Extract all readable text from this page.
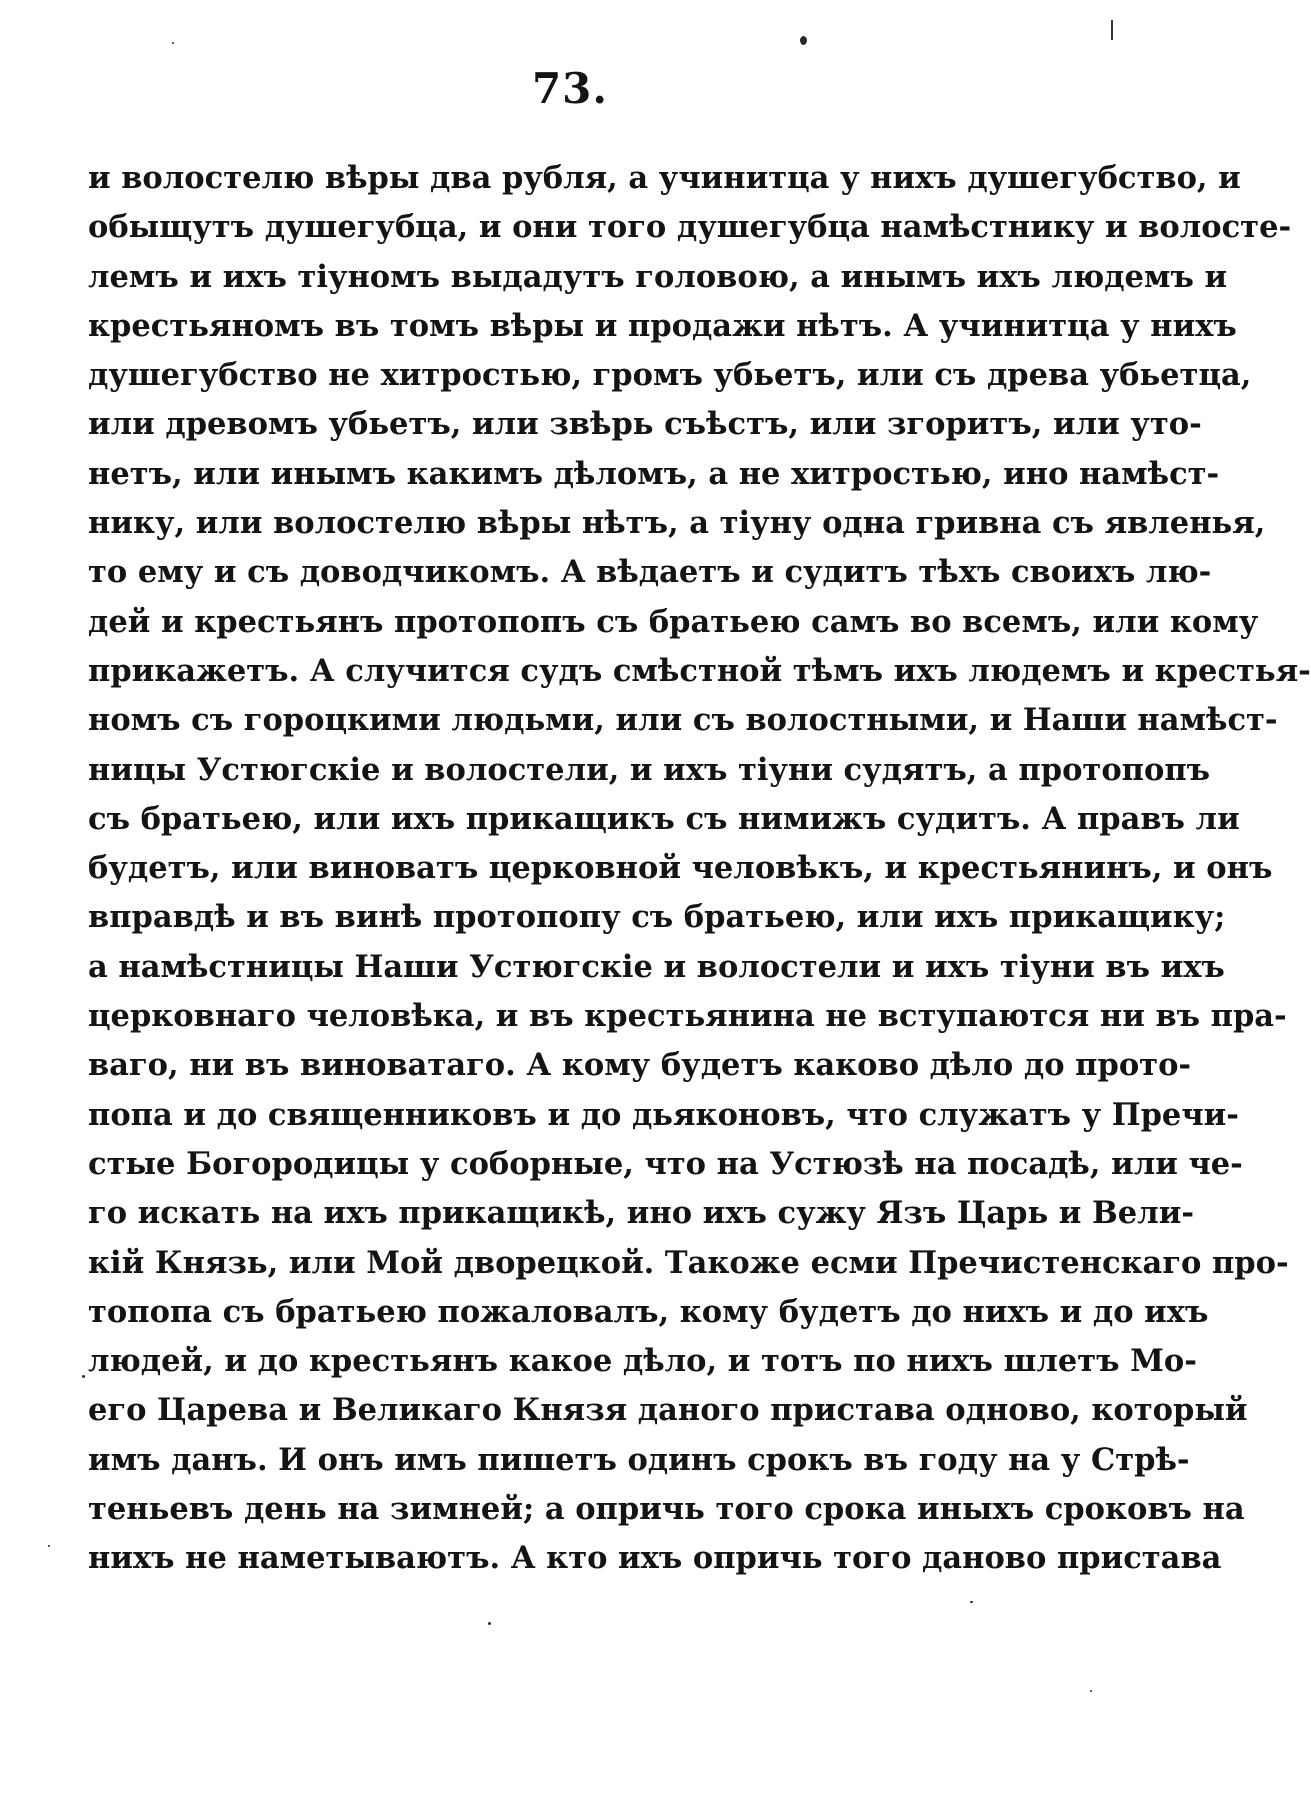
73.
и волостелю вѣры два рубля, а учинитца у нихъ душегубство, и
обыщутъ душегубца, и они того душегубца намѣстнику и волосте-
лемъ и ихъ тіуномъ выдадутъ головою, а инымъ ихъ людемъ и
крестьяномъ въ томъ вѣры и продажи нѣтъ. А учинитца у нихъ
душегубство не хитростью, громъ убьетъ, или съ древа убьетца,
или древомъ убьетъ, или звѣрь съѣстъ, или згоритъ, или уто-
нетъ, или инымъ какимъ дѣломъ, а не хитростью, ино намѣст-
нику, или волостелю вѣры нѣтъ, а тіуну одна гривна съ явленья,
то ему и съ доводчикомъ. А вѣдаетъ и судитъ тѣхъ своихъ лю-
дей и крестьянъ протопопъ съ братьею самъ во всемъ, или кому
прикажетъ. А случится судъ смѣстной тѣмъ ихъ людемъ и крестья-
номъ съ гороцкими людьми, или съ волостными, и Наши намѣст-
ницы Устюгскіе и волостели, и ихъ тіуни судятъ, а протопопъ
съ братьею, или ихъ прикащикъ съ нимижъ судитъ. А правъ ли
будетъ, или виноватъ церковной человѣкъ, и крестьянинъ, и онъ
вправдѣ и въ винѣ протопопу съ братьею, или ихъ прикащику;
а намѣстницы Наши Устюгскіе и волостели и ихъ тіуни въ ихъ
церковнаго человѣка, и въ крестьянина не вступаются ни въ пра-
ваго, ни въ виноватаго. А кому будетъ каково дѣло до прото-
попа и до священниковъ и до дьяконовъ, что служатъ у Пречи-
стые Богородицы у соборные, что на Устюзѣ на посадѣ, или че-
го искать на ихъ прикащикѣ, ино ихъ сужу Язъ Царь и Вели-
кій Князь, или Мой дворецкой. Такоже есми Пречистенскаго про-
топопа съ братьею пожаловалъ, кому будетъ до нихъ и до ихъ
людей, и до крестьянъ какое дѣло, и тотъ по нихъ шлетъ Мо-
его Царева и Великаго Князя даного пристава одново, который
имъ данъ. И онъ имъ пишетъ одинъ срокъ въ году на у Стрѣ-
теньевъ день на зимней; а опричь того срока иныхъ сроковъ на
нихъ не наметываютъ. А кто ихъ опричь того даново пристава
